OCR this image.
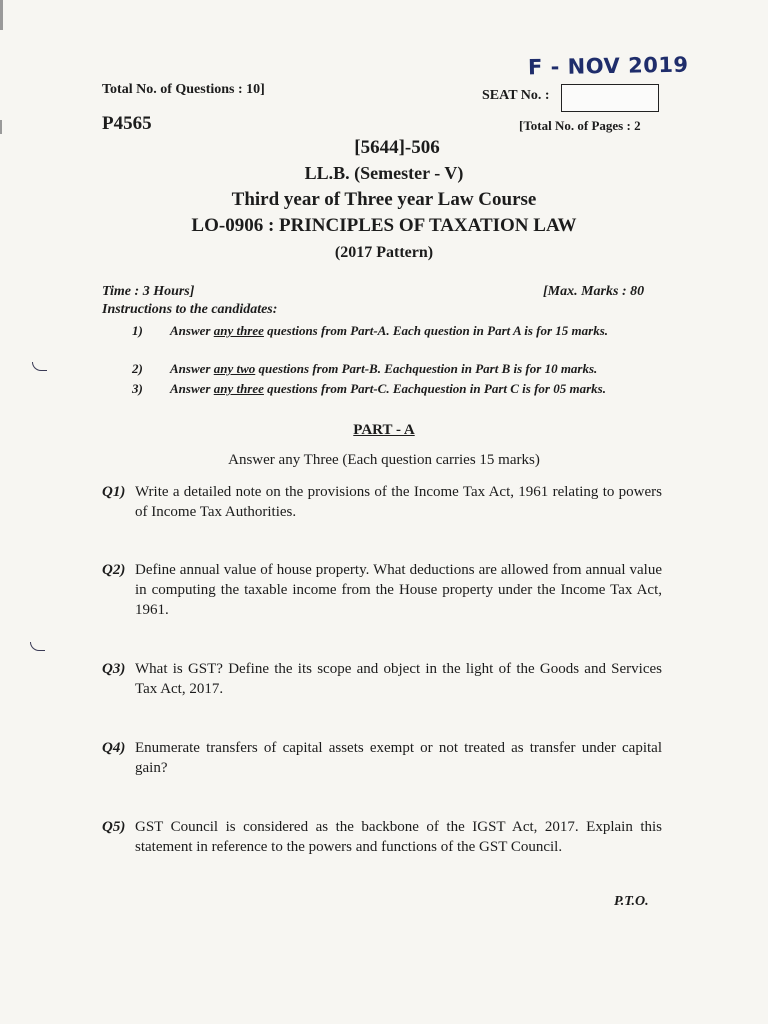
F - NOV 2019
Total No. of Questions : 10]	SEAT No. :
P4565	[Total No. of Pages : 2
[5644]-506
LL.B. (Semester - V)
Third year of Three year Law Course
LO-0906 : PRINCIPLES OF TAXATION LAW
(2017 Pattern)
Time : 3 Hours]	[Max. Marks : 80
Instructions to the candidates:
1) Answer any three questions from Part-A. Each question in Part A is for 15 marks.
2) Answer any two questions from Part-B. Eachquestion in Part B is for 10 marks.
3) Answer any three questions from Part-C. Eachquestion in Part C is for 05 marks.
PART - A
Answer any Three (Each question carries 15 marks)
Q1) Write a detailed note on the provisions of the Income Tax Act, 1961 relating to powers of Income Tax Authorities.
Q2) Define annual value of house property. What deductions are allowed from annual value in computing the taxable income from the House property under the Income Tax Act, 1961.
Q3) What is GST? Define the its scope and object in the light of the Goods and Services Tax Act, 2017.
Q4) Enumerate transfers of capital assets exempt or not treated as transfer under capital gain?
Q5) GST Council is considered as the backbone of the IGST Act, 2017. Explain this statement in reference to the powers and functions of the GST Council.
P.T.O.
